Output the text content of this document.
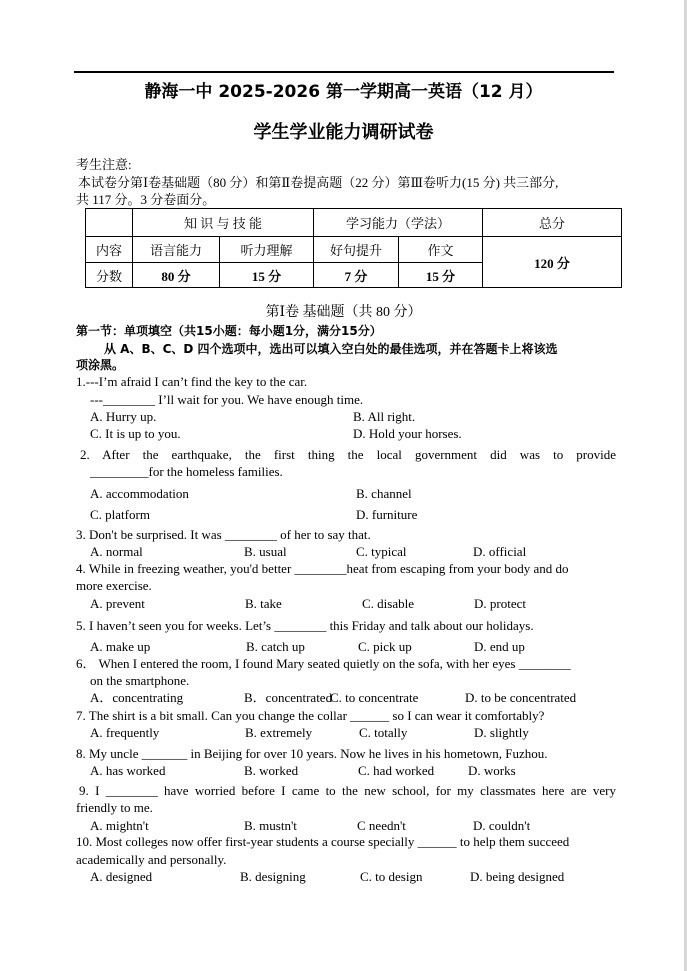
静海一中 2025-2026 第一学期高一英语（12 月）
学生学业能力调研试卷
考生注意:
本试卷分第Ⅰ卷基础题（80 分）和第Ⅱ卷提高题（22 分）第Ⅲ卷听力(15 分) 共三部分,
共 117 分。3 分卷面分。
	知 识 与 技 能		学习能力（学法）		总分
内容	语言能力	听力理解	好句提升	作文	120 分
分数	80 分	15 分	7 分	15 分	
第Ⅰ卷 基础题（共 80 分）
第一节：单项填空（共15小题：每小题1分，满分15分）
从 A、B、C、D 四个选项中，选出可以填入空白处的最佳选项，并在答题卡上将该选
项涂黑。
1.---I’m afraid I can’t find the key to the car.
---________ I’ll wait for you. We have enough time.
A. Hurry up.	B. All right.
C. It is up to you.	D. Hold your horses.
2. After the earthquake, the first thing the local government did was to provide
_________for the homeless families.
A. accommodation	B. channel
C. platform	D. furniture
3. Don't be surprised. It was ________ of her to say that.
A. normal	B. usual	C. typical	D. official
4. While in freezing weather, you'd better ________heat from escaping from your body and do
more exercise.
A. prevent	B. take	C. disable	D. protect
5. I haven’t seen you for weeks. Let’s ________ this Friday and talk about our holidays.
A. make up	B. catch up	C. pick up	D. end up
6． When I entered the room, I found Mary seated quietly on the sofa, with her eyes ________
on the smartphone.
A．concentrating	B．concentrated
C. to concentrate	D. to be concentrated
7. The shirt is a bit small. Can you change the collar ______ so I can wear it comfortably?
A. frequently	B. extremely	C. totally	D. slightly
8. My uncle _______ in Beijing for over 10 years. Now he lives in his hometown, Fuzhou.
A. has worked	B. worked	C. had worked	D. works
9. I ________ have worried before I came to the new school, for my classmates here are very
friendly to me.
A. mightn't	B. mustn't	C needn't	D. couldn't
10. Most colleges now offer first-year students a course specially ______ to help them succeed
academically and personally.
A. designed	B. designing	C. to design	D. being designed
